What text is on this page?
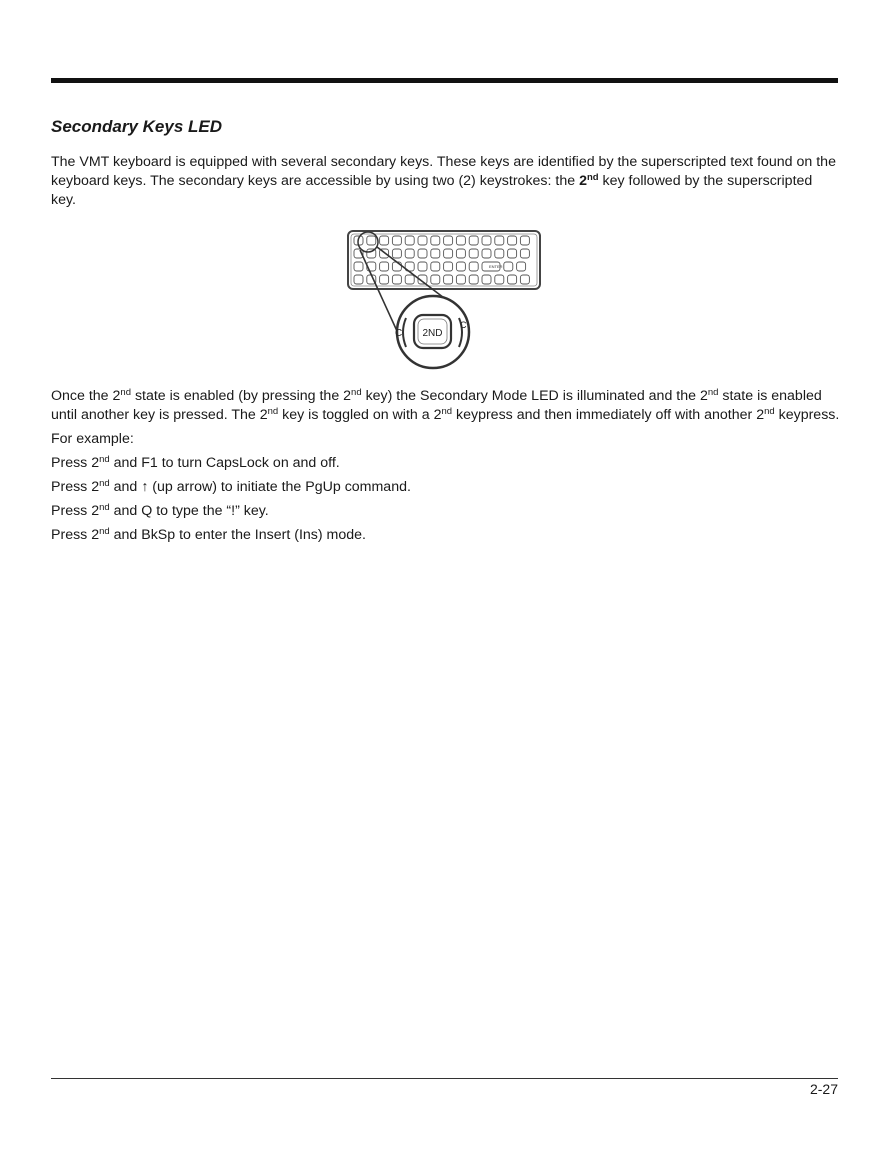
Secondary Keys LED

The VMT keyboard is equipped with several secondary keys. These keys are identified by the superscripted text found on the keyboard keys. The secondary keys are accessible by using two (2) keystrokes: the 2nd key followed by the superscripted key.

ENTER
2ND
C
C

Once the 2nd state is enabled (by pressing the 2nd key) the Secondary Mode LED is illuminated and the 2nd state is enabled until another key is pressed. The 2nd key is toggled on with a 2nd keypress and then immediately off with another 2nd keypress.

For example:

Press 2nd and F1 to turn CapsLock on and off.

Press 2nd and ↑ (up arrow) to initiate the PgUp command.

Press 2nd and Q to type the “!” key.

Press 2nd and BkSp to enter the Insert (Ins) mode.

2-27
